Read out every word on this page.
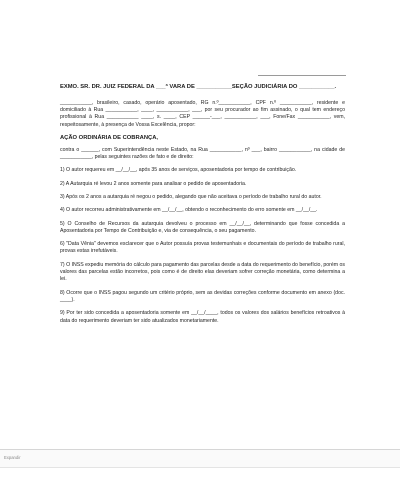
EXMO. SR. DR. JUIZ FEDERAL DA ___ª VARA DE ___________SEÇÃO JUDICIÁRIA DO ___________.

___________, brasileiro, casado, operário aposentado, RG n.º___________, CPF n.º ___________, residente e domiciliado à Rua ___________, ____, ___________, ___, por seu procurador ao fim assinado, o qual tem endereço profissional à Rua ___________ ____, s. ____, CEP ______-___, ___________, ___, Fone/Fax ___________, vem, respeitosamente, à presença de Vossa Excelência, propor:

AÇÃO ORDINÁRIA DE COBRANÇA,

contra o ______, com Superintendência neste Estado, na Rua ___________, nº ___, bairro ___________, na cidade de ___________, pelas seguintes razões de fato e de direito:

1) O autor requereu em __/__/__, após 35 anos de serviços, aposentadoria por tempo de contribuição.

2) A Autarquia ré levou 2 anos somente para analisar o pedido de aposentadoria.

3) Após os 2 anos a autarquia ré negou o pedido, alegando que não aceitava o período de trabalho rural do autor.

4) O autor recorreu administrativamente em __/__/__, obtendo o reconhecimento do erro somente em __/__/__.

5) O Conselho de Recursos da autarquia devolveu o processo em __/__/__, determinando que fosse concedida a Aposentadoria por Tempo de Contribuição e, via de consequência, o seu pagamento.

6) "Data Vênia" devemos esclarecer que o Autor possuía provas testemunhais e documentais do período de trabalho rural, provas estas irrefutáveis.

7) O INSS expediu memória do cálculo para pagamento das parcelas desde a data do requerimento do benefício, porém os valores das parcelas estão incorretos, pois como é de direito elas deveriam sofrer correção monetária, como determina a lei.

8) Ocorre que o INSS pagou segundo um critério próprio, sem as devidas correções conforme documento em anexo (doc. ____).

9) Por ter sido concedida a aposentadoria somente em __/__/____, todos os valores dos salários benefícios retroativos à data do requerimento deveriam ter sido atualizados monetariamente.

Expandir
